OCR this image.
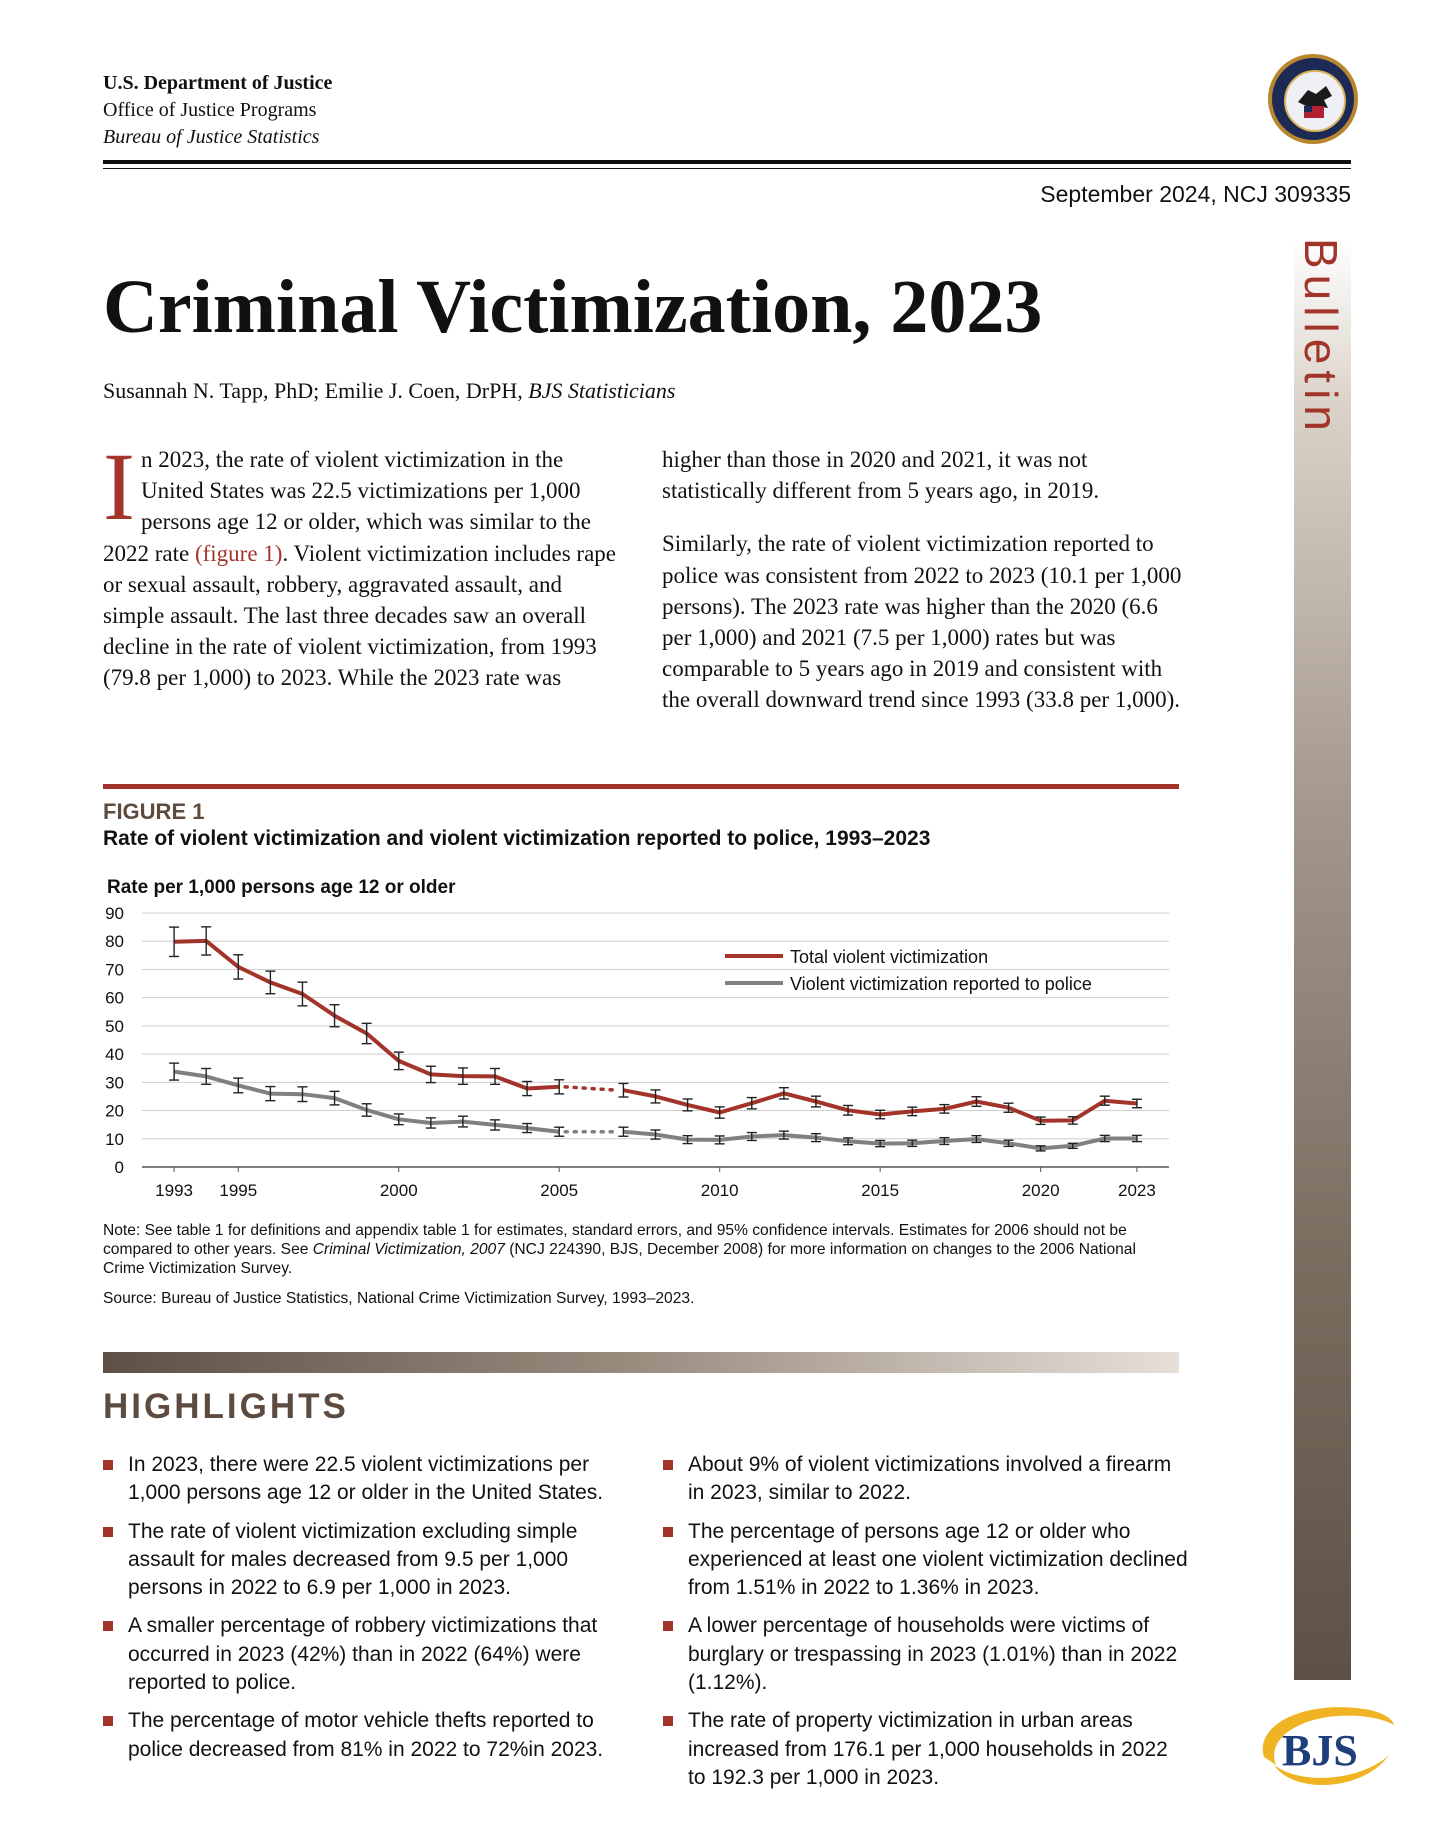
U.S. Department of Justice
Office of Justice Programs
Bureau of Justice Statistics
September 2024, NCJ 309335
Bulletin
Criminal Victimization, 2023
Susannah N. Tapp, PhD; Emilie J. Coen, DrPH, BJS Statisticians
In 2023, the rate of violent victimization in the United States was 22.5 victimizations per 1,000 persons age 12 or older, which was similar to the 2022 rate (figure 1). Violent victimization includes rape or sexual assault, robbery, aggravated assault, and simple assault. The last three decades saw an overall decline in the rate of violent victimization, from 1993 (79.8 per 1,000) to 2023. While the 2023 rate was

higher than those in 2020 and 2021, it was not statistically different from 5 years ago, in 2019.

Similarly, the rate of violent victimization reported to police was consistent from 2022 to 2023 (10.1 per 1,000 persons). The 2023 rate was higher than the 2020 (6.6 per 1,000) and 2021 (7.5 per 1,000) rates but was comparable to 5 years ago in 2019 and consistent with the overall downward trend since 1993 (33.8 per 1,000).

FIGURE 1
Rate of violent victimization and violent victimization reported to police, 1993–2023
Rate per 1,000 persons age 12 or older
0
10
20
30
40
50
60
70
80
90
1993 1995	2000	2005	2010	2015	2020	2023
Total violent victimization
Violent victimization reported to police
Note: See table 1 for definitions and appendix table 1 for estimates, standard errors, and 95% confidence intervals. Estimates for 2006 should not be compared to other years. See Criminal Victimization, 2007 (NCJ 224390, BJS, December 2008) for more information on changes to the 2006 National Crime Victimization Survey.
Source: Bureau of Justice Statistics, National Crime Victimization Survey, 1993–2023.
HIGHLIGHTS
In 2023, there were 22.5 violent victimizations per 1,000 persons age 12 or older in the United States.
The rate of violent victimization excluding simple assault for males decreased from 9.5 per 1,000 persons in 2022 to 6.9 per 1,000 in 2023.
A smaller percentage of robbery victimizations that occurred in 2023 (42%) than in 2022 (64%) were reported to police.
The percentage of motor vehicle thefts reported to police decreased from 81% in 2022 to 72%in 2023.
About 9% of violent victimizations involved a firearm in 2023, similar to 2022.
The percentage of persons age 12 or older who experienced at least one violent victimization declined from 1.51% in 2022 to 1.36% in 2023.
A lower percentage of households were victims of burglary or trespassing in 2023 (1.01%) than in 2022 (1.12%).
The rate of property victimization in urban areas increased from 176.1 per 1,000 households in 2022 to 192.3 per 1,000 in 2023.
BJS
